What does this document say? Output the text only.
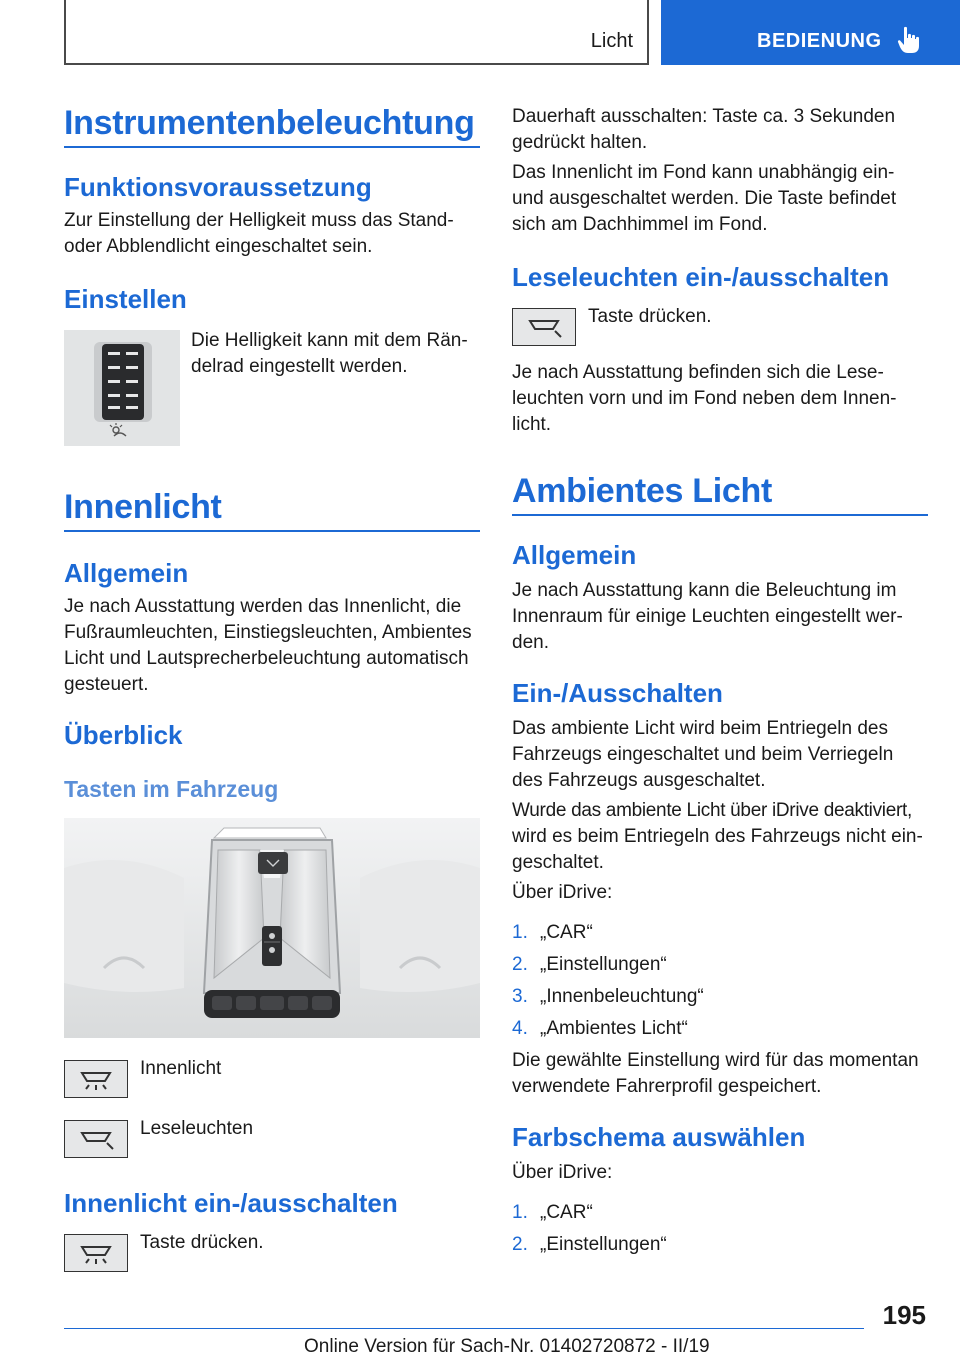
Licht	BEDIENUNG
Instrumentenbeleuchtung
Funktionsvoraussetzung
Zur Einstellung der Helligkeit muss das Stand‐
oder Abblendlicht eingeschaltet sein.
Einstellen
Die Helligkeit kann mit dem Rän‐
delrad eingestellt werden.
Innenlicht
Allgemein
Je nach Ausstattung werden das Innenlicht, die
Fußraumleuchten, Einstiegsleuchten, Ambientes
Licht und Lautsprecherbeleuchtung automatisch
gesteuert.
Überblick
Tasten im Fahrzeug
Innenlicht
Leseleuchten
Innenlicht ein-/ausschalten
Taste drücken.
Dauerhaft ausschalten: Taste ca. 3 Sekunden
gedrückt halten.
Das Innenlicht im Fond kann unabhängig ein-
und ausgeschaltet werden. Die Taste befindet
sich am Dachhimmel im Fond.
Leseleuchten ein-/ausschalten
Taste drücken.
Je nach Ausstattung befinden sich die Lese‐
leuchten vorn und im Fond neben dem Innen‐
licht.
Ambientes Licht
Allgemein
Je nach Ausstattung kann die Beleuchtung im
Innenraum für einige Leuchten eingestellt wer‐
den.
Ein-/Ausschalten
Das ambiente Licht wird beim Entriegeln des
Fahrzeugs eingeschaltet und beim Verriegeln
des Fahrzeugs ausgeschaltet.
Wurde das ambiente Licht über iDrive deaktiviert,
wird es beim Entriegeln des Fahrzeugs nicht ein‐
geschaltet.
Über iDrive:
1. „CAR“
2. „Einstellungen“
3. „Innenbeleuchtung“
4. „Ambientes Licht“
Die gewählte Einstellung wird für das momentan
verwendete Fahrerprofil gespeichert.
Farbschema auswählen
Über iDrive:
1. „CAR“
2. „Einstellungen“
195
Online Version für Sach-Nr. 01402720872 - II/19
